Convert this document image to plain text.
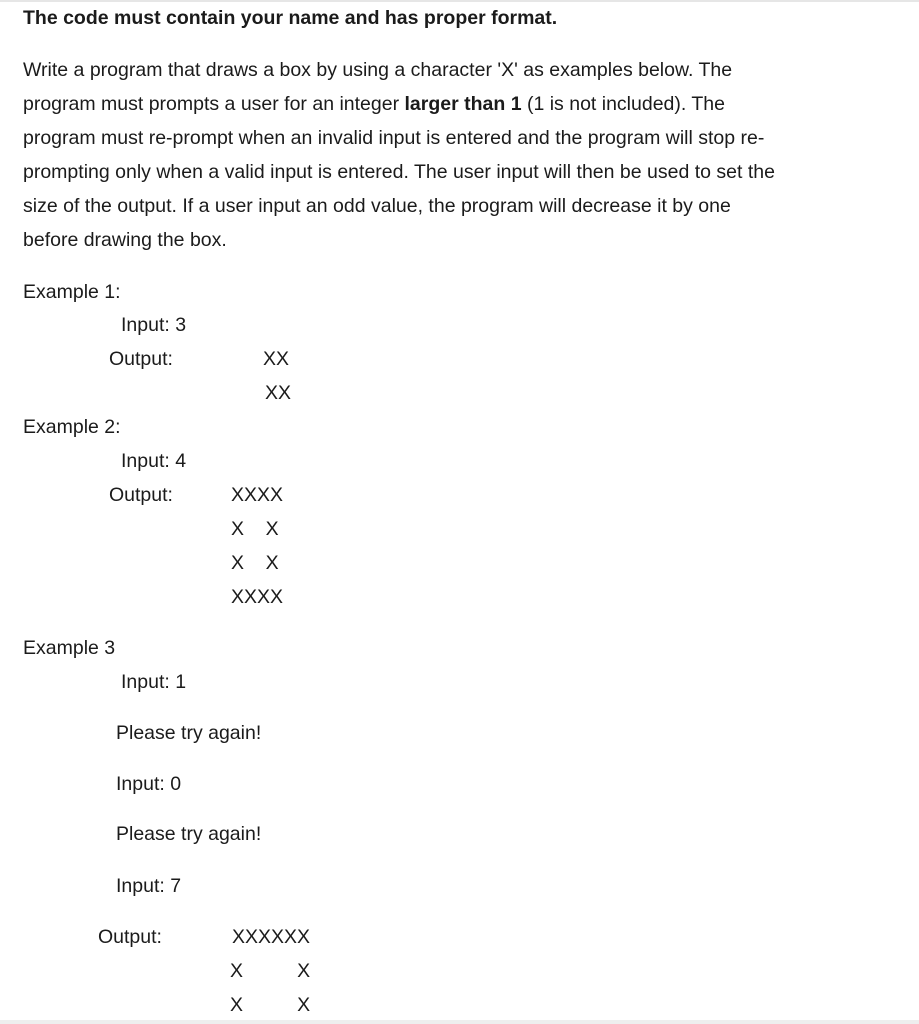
The code must contain your name and has proper format.
Write a program that draws a box by using a character 'X' as examples below. The
program must prompts a user for an integer larger than 1 (1 is not included). The
program must re-prompt when an invalid input is entered and the program will stop re-
prompting only when a valid input is entered. The user input will then be used to set the
size of the output. If a user input an odd value, the program will decrease it by one
before drawing the box.
Example 1:
Input: 3
Output:	XX
XX
Example 2:
Input: 4
Output:	XXXX
X    X
X    X
XXXX
Example 3
Input: 1
Please try again!
Input: 0
Please try again!
Input: 7
Output:	XXXXXX
X          X
X          X
